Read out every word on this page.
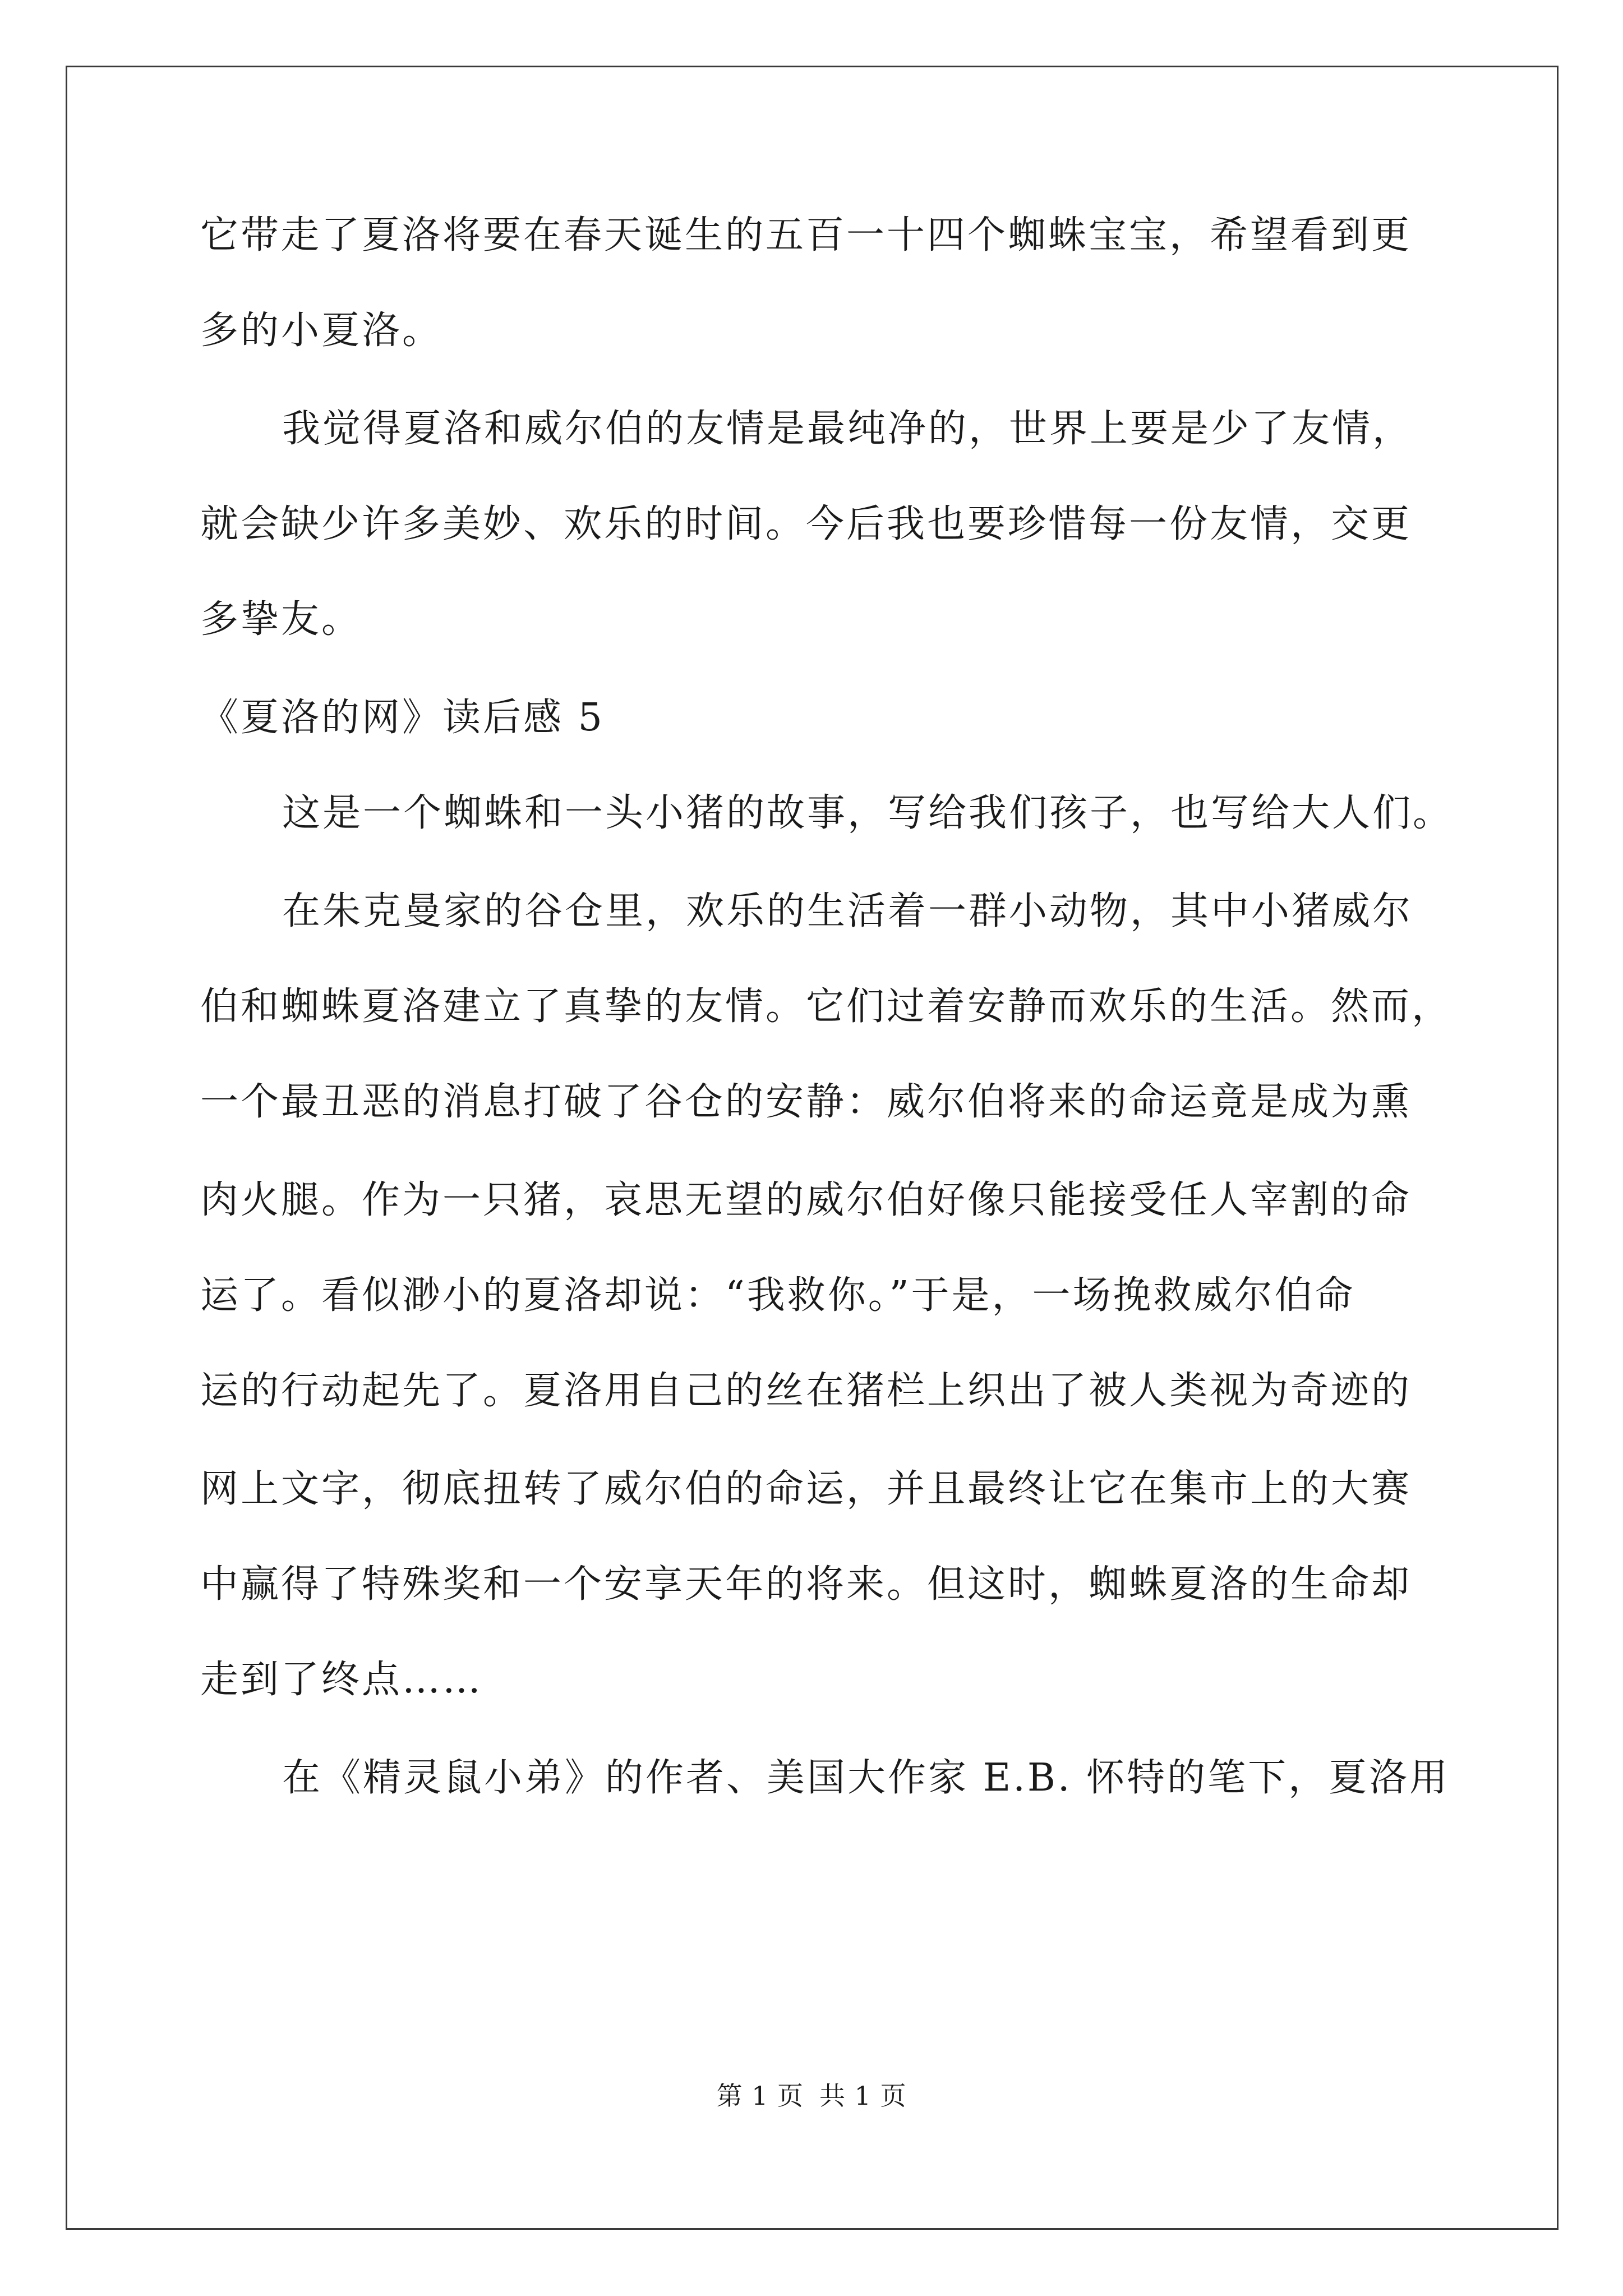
它带走了夏洛将要在春天诞生的五百一十四个蜘蛛宝宝，希望看到更
多的小夏洛。
我觉得夏洛和威尔伯的友情是最纯净的，世界上要是少了友情，
就会缺少许多美妙、欢乐的时间。今后我也要珍惜每一份友情，交更
多挚友。
《夏洛的网》读后感 5
这是一个蜘蛛和一头小猪的故事，写给我们孩子，也写给大人们。
在朱克曼家的谷仓里，欢乐的生活着一群小动物，其中小猪威尔
伯和蜘蛛夏洛建立了真挚的友情。它们过着安静而欢乐的生活。然而，
一个最丑恶的消息打破了谷仓的安静：威尔伯将来的命运竟是成为熏
肉火腿。作为一只猪，哀思无望的威尔伯好像只能接受任人宰割的命
运了。看似渺小的夏洛却说：“我救你。”于是，一场挽救威尔伯命
运的行动起先了。夏洛用自己的丝在猪栏上织出了被人类视为奇迹的
网上文字，彻底扭转了威尔伯的命运，并且最终让它在集市上的大赛
中赢得了特殊奖和一个安享天年的将来。但这时，蜘蛛夏洛的生命却
走到了终点……
在《精灵鼠小弟》的作者、美国大作家 E.B. 怀特的笔下，夏洛用
第 1 页 共 1 页
